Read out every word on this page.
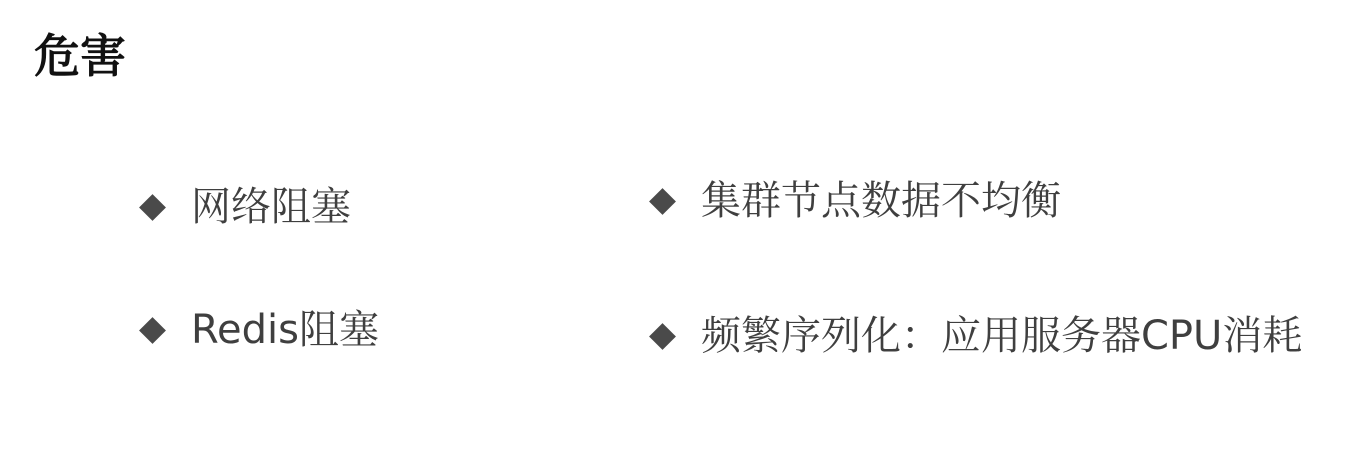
危害
网络阻塞	集群节点数据不均衡
Redis阻塞	频繁序列化：应用服务器CPU消耗
